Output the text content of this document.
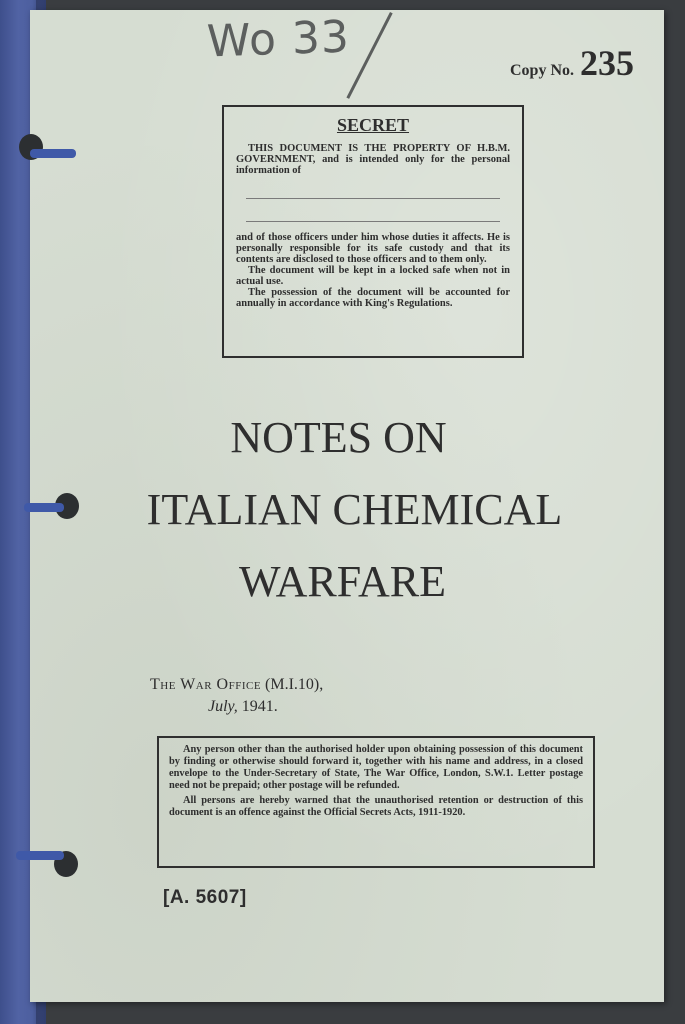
Wo 33
Copy No. 235
SECRET

THIS DOCUMENT IS THE PROPERTY OF H.B.M. GOVERNMENT, and is intended only for the personal information of

and of those officers under him whose duties it affects. He is personally responsible for its safe custody and that its contents are disclosed to those officers and to them only.

The document will be kept in a locked safe when not in actual use.

The possession of the document will be accounted for annually in accordance with King's Regulations.

NOTES ON
ITALIAN CHEMICAL
WARFARE
The War Office (M.I.10),
July, 1941.

Any person other than the authorised holder upon obtaining possession of this document by finding or otherwise should forward it, together with his name and address, in a closed envelope to the Under-Secretary of State, The War Office, London, S.W.1. Letter postage need not be prepaid; other postage will be refunded.

All persons are hereby warned that the unauthorised retention or destruction of this document is an offence against the Official Secrets Acts, 1911-1920.

[A. 5607]
